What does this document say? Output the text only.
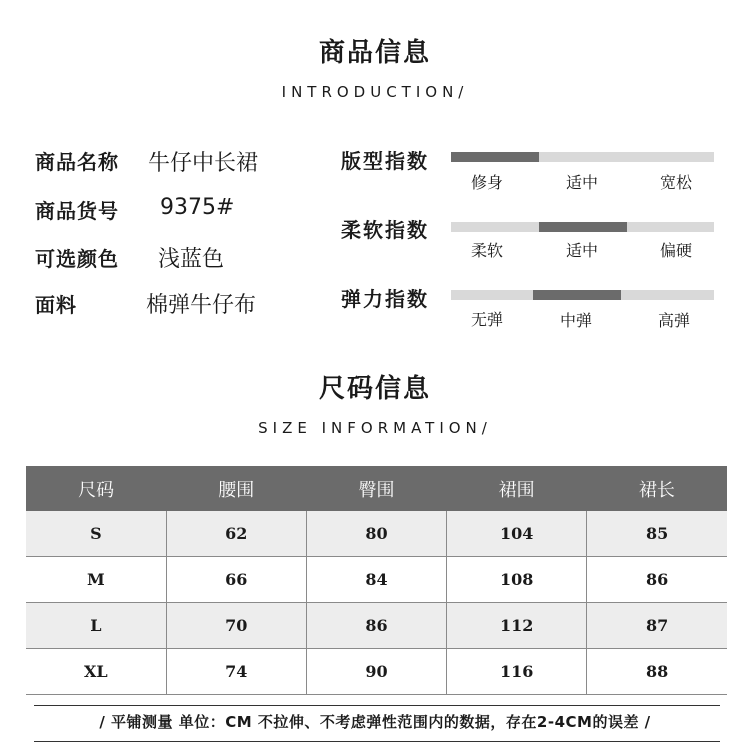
商品信息
INTRODUCTION/
商品名称 牛仔中长裙
商品货号 9375#
可选颜色 浅蓝色
面料	棉弹牛仔布
版型指数
修身	适中	宽松
柔软指数
柔软	适中	偏硬
弹力指数
无弹	中弹	高弹
尺码信息
SIZE INFORMATION/
尺码	腰围	臀围	裙围	裙长
S	62	80	104	85
M	66	84	108	86
L	70	86	112	87
XL	74	90	116	88
/ 平铺测量 单位：CM 不拉伸、不考虑弹性范围内的数据，存在2-4CM的误差 /
